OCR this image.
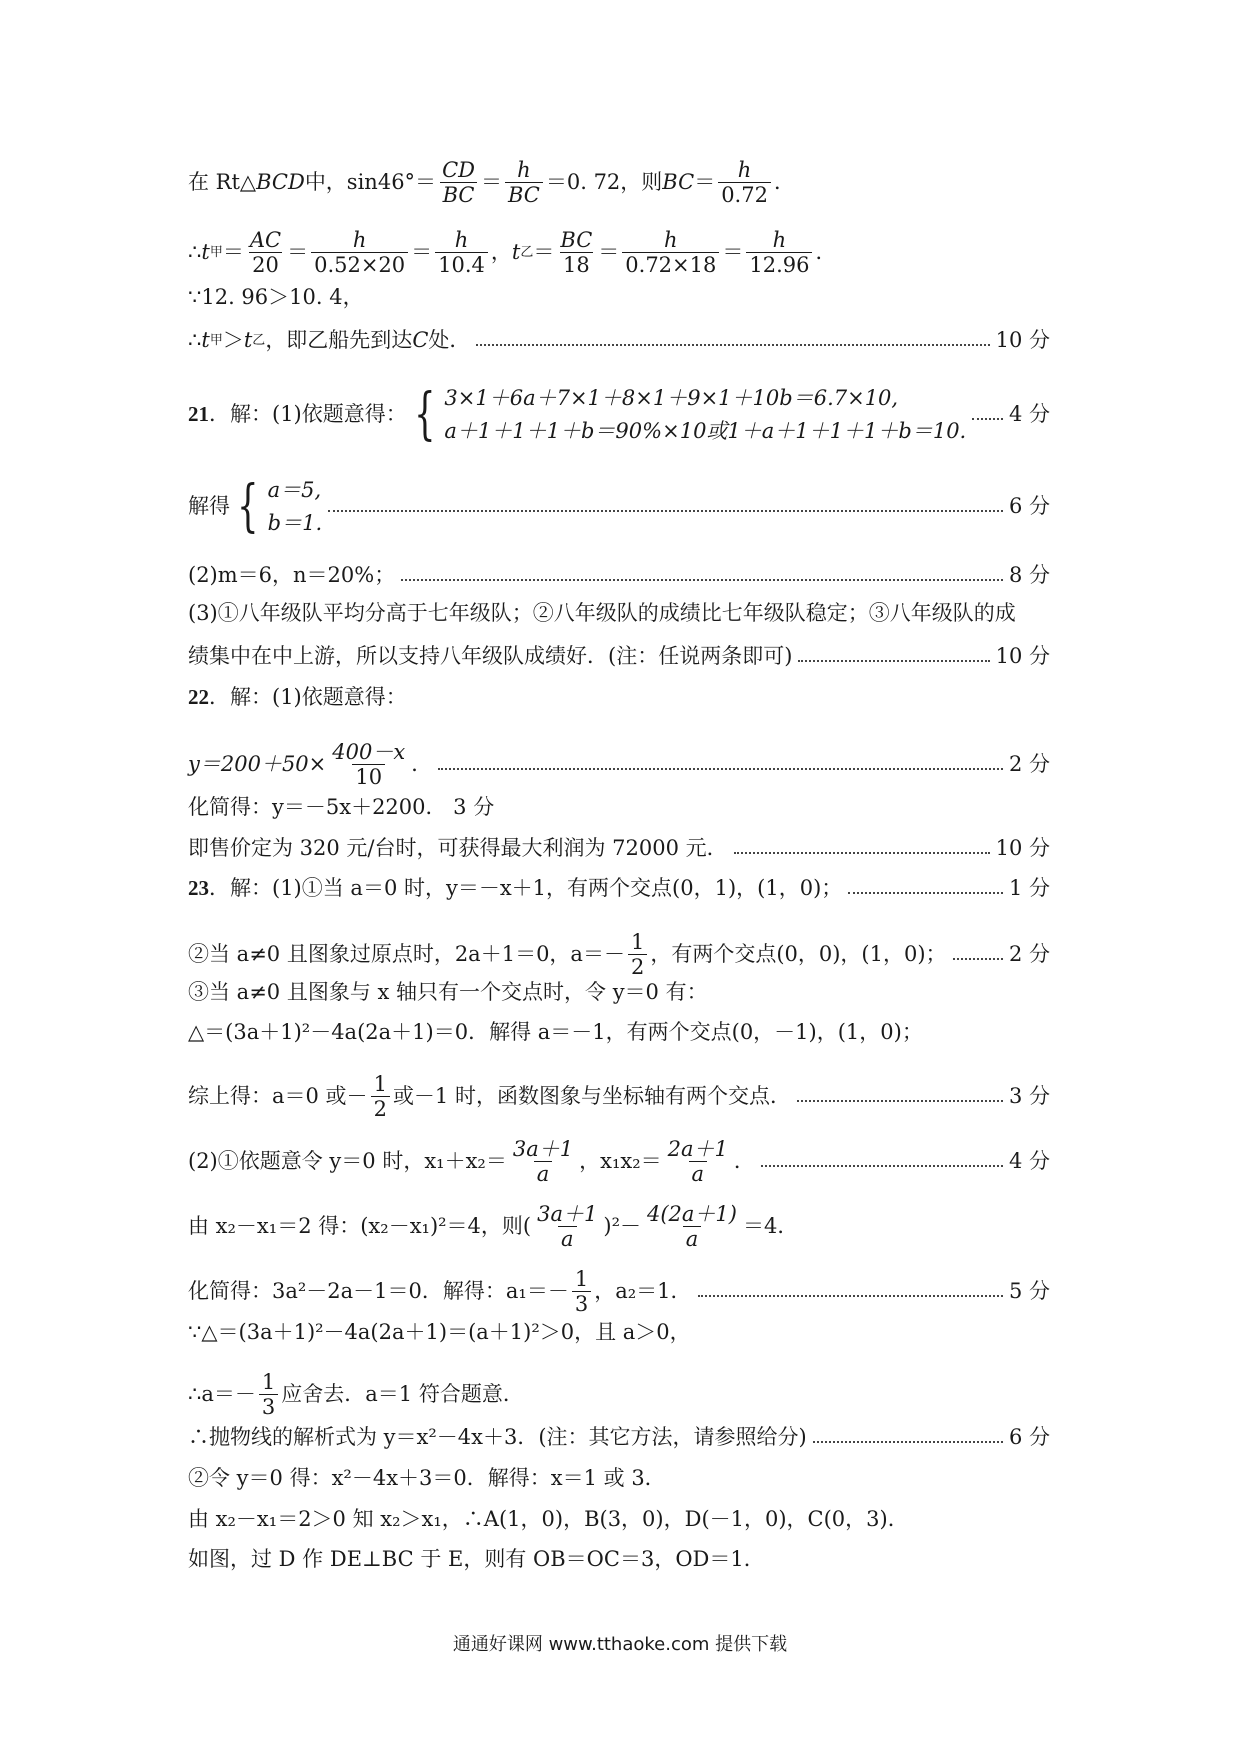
在 Rt△ BCD 中，$\sin 46^\circ= \frac{CD}{BC} = \frac{h}{BC} =0$. 72，则 BC ＝ $\frac{h}{0.72}$ ．
∴ t 甲 ＝ $\frac{AC}{20} = \frac{h}{0.52\times 20} = \frac{h}{10.4}$ ， t 乙 ＝ $\frac{BC}{18} = \frac{h}{0.72\times 18} = \frac{h}{12.96}$ ．
∵12. 96＞10. 4，
∴ t 甲 ＞ t 乙 ，即乙船先到达 C 处．	10 分
21 ．解：(1)依题意得： { 3×1＋6a＋7×1＋8×1＋9×1＋10b＝6.7×10,
a＋1＋1＋1＋b＝90%×10或1＋a＋1＋1＋1＋b＝10.
4 分
解得 { a＝5,
b＝1.
6 分
(2)m＝6，n＝20%；	8 分
(3)①八年级队平均分高于七年级队；②八年级队的成绩比七年级队稳定；③八年级队的成
绩集中在中上游，所以支持八年级队成绩好．(注：任说两条即可)	10 分
22 ．解：(1)依题意得：
$y=200+50\times \frac{400-x}{10}$ ．	2 分
化简得：y＝－5x＋2200． 3 分
即售价定为 320 元/台时，可获得最大利润为 72000 元．	10 分
23 ．解：(1)①当 a＝0 时，y＝－x＋1，有两个交点(0，1)，(1，0)；	1 分
②当 a≠0 且图象过原点时，2a＋1＝0，$a=- \frac{1}{2}$ ，有两个交点(0，0)，(1，0)；	2 分
③当 a≠0 且图象与 x 轴只有一个交点时，令 y＝0 有：
△＝(3a＋1)²－4a(2a＋1)＝0．解得 a＝－1，有两个交点(0，－1)，(1，0)；
综上得：a＝0 或－ $\frac{1}{2}$ 或－1 时，函数图象与坐标轴有两个交点．	3 分
(2)①依题意令 y＝0 时，$x_1+x_2= \frac{3a+1}{a}$ ，$x_1x_2= \frac{2a+1}{a}$ ．	4 分
由 x₂－x₁＝2 得：(x₂－x₁)²＝4，则( $\frac{3a+1}{a} )^2- \frac{4(2a+1)}{a} =4$．
化简得：3a²－2a－1＝0．解得：$a_1=- \frac{1}{3}$ ，a₂＝1．	5 分
∵△＝(3a＋1)²－4a(2a＋1)＝(a＋1)²＞0，且 a＞0，
∴a＝－ $\frac{1}{3}$ 应舍去．a＝1 符合题意．
∴抛物线的解析式为 y＝x²－4x＋3．(注：其它方法，请参照给分)	6 分
②令 y＝0 得：x²－4x＋3＝0．解得：x＝1 或 3．
由 x₂－x₁＝2＞0 知 x₂＞x₁，∴A(1，0)，B(3，0)，D(－1，0)，C(0，3)．
如图，过 D 作 DE⊥BC 于 E，则有 OB＝OC＝3，OD＝1．
通通好课网 www.tthaoke.com 提供下载
